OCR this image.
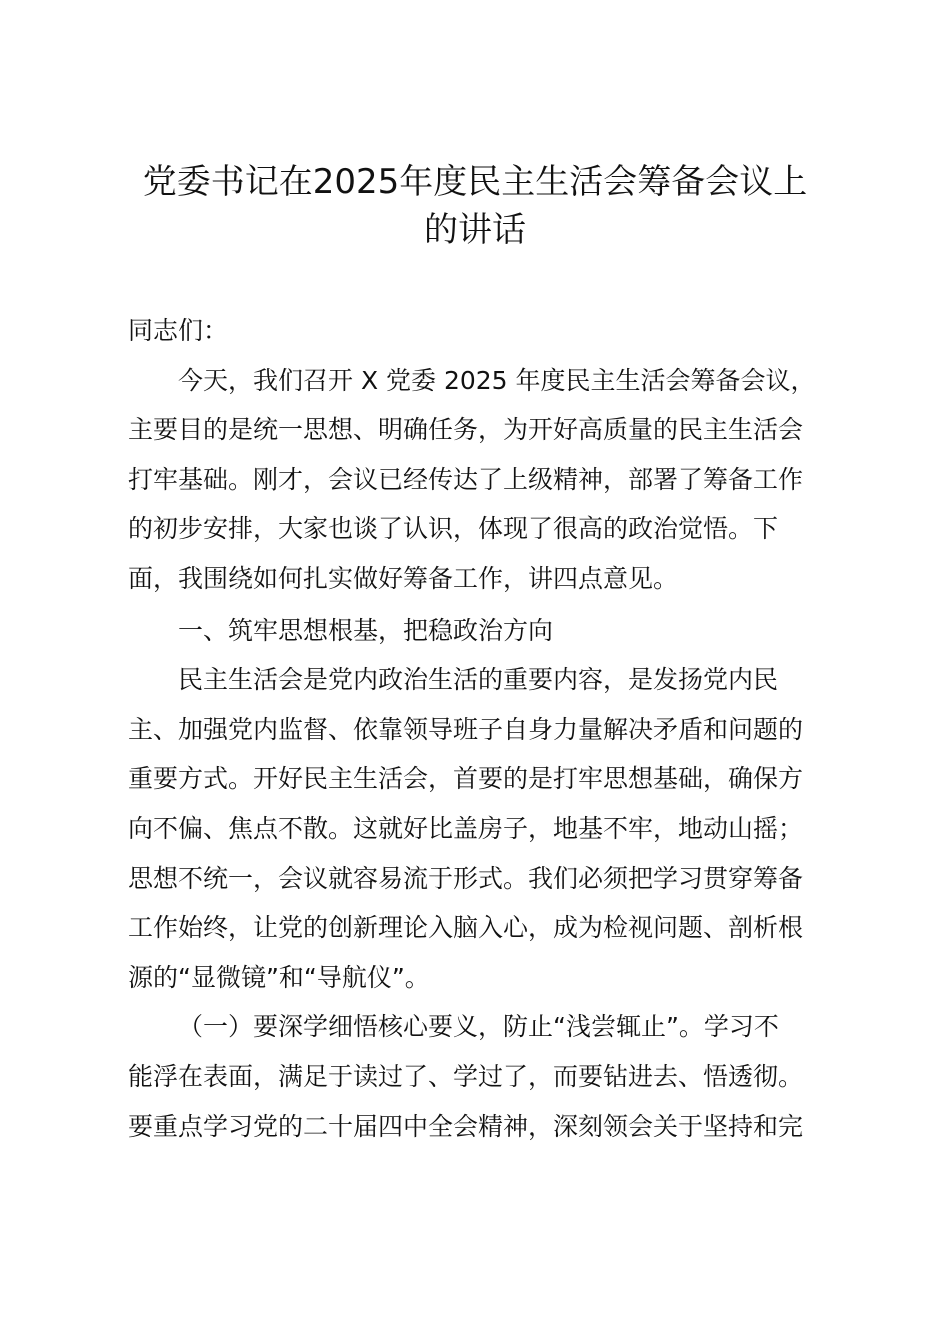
党委书记在2025年度民主生活会筹备会议上
的讲话
同志们：
今天，我们召开 X 党委 2025 年度民主生活会筹备会议，
主要目的是统一思想、明确任务，为开好高质量的民主生活会
打牢基础。刚才，会议已经传达了上级精神，部署了筹备工作
的初步安排，大家也谈了认识，体现了很高的政治觉悟。下
面，我围绕如何扎实做好筹备工作，讲四点意见。
一、筑牢思想根基，把稳政治方向
民主生活会是党内政治生活的重要内容，是发扬党内民
主、加强党内监督、依靠领导班子自身力量解决矛盾和问题的
重要方式。开好民主生活会，首要的是打牢思想基础，确保方
向不偏、焦点不散。这就好比盖房子，地基不牢，地动山摇；
思想不统一，会议就容易流于形式。我们必须把学习贯穿筹备
工作始终，让党的创新理论入脑入心，成为检视问题、剖析根
源的“显微镜”和“导航仪”。
（一）要深学细悟核心要义，防止“浅尝辄止”。学习不
能浮在表面，满足于读过了、学过了，而要钻进去、悟透彻。
要重点学习党的二十届四中全会精神，深刻领会关于坚持和完
